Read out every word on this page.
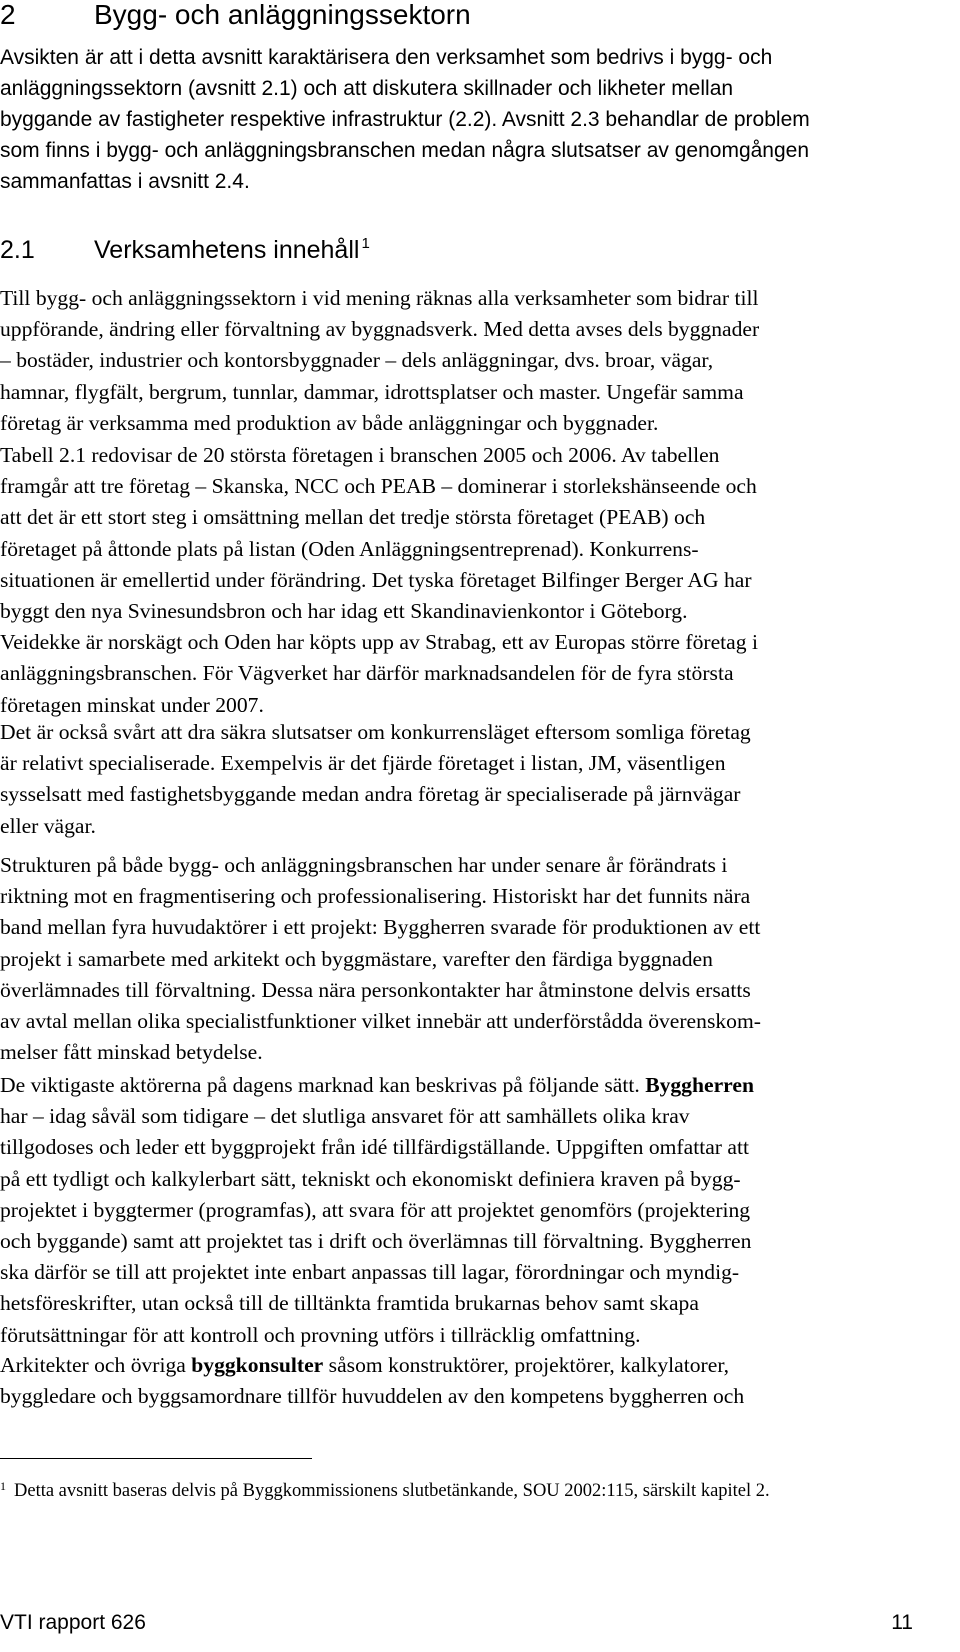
2	Bygg- och anläggningssektorn
Avsikten är att i detta avsnitt karaktärisera den verksamhet som bedrivs i bygg- och
anläggningssektorn (avsnitt 2.1) och att diskutera skillnader och likheter mellan
byggande av fastigheter respektive infrastruktur (2.2). Avsnitt 2.3 behandlar de problem
som finns i bygg- och anläggningsbranschen medan några slutsatser av genomgången
sammanfattas i avsnitt 2.4.
2.1 Verksamhetens innehåll $^1$
Till bygg- och anläggningssektorn i vid mening räknas alla verksamheter som bidrar till
uppförande, ändring eller förvaltning av byggnadsverk. Med detta avses dels byggnader
– bostäder, industrier och kontorsbyggnader – dels anläggningar, dvs. broar, vägar,
hamnar, flygfält, bergrum, tunnlar, dammar, idrottsplatser och master. Ungefär samma
företag är verksamma med produktion av både anläggningar och byggnader.
Tabell 2.1 redovisar de 20 största företagen i branschen 2005 och 2006. Av tabellen
framgår att tre företag – Skanska, NCC och PEAB – dominerar i storlekshänseende och
att det är ett stort steg i omsättning mellan det tredje största företaget (PEAB) och
företaget på åttonde plats på listan (Oden Anläggningsentreprenad). Konkurrens-
situationen är emellertid under förändring. Det tyska företaget Bilfinger Berger AG har
byggt den nya Svinesundsbron och har idag ett Skandinavienkontor i Göteborg.
Veidekke är norskägt och Oden har köpts upp av Strabag, ett av Europas större företag i
anläggningsbranschen. För Vägverket har därför marknadsandelen för de fyra största
företagen minskat under 2007.
Det är också svårt att dra säkra slutsatser om konkurrensläget eftersom somliga företag
är relativt specialiserade. Exempelvis är det fjärde företaget i listan, JM, väsentligen
sysselsatt med fastighetsbyggande medan andra företag är specialiserade på järnvägar
eller vägar.
Strukturen på både bygg- och anläggningsbranschen har under senare år förändrats i
riktning mot en fragmentisering och professionalisering. Historiskt har det funnits nära
band mellan fyra huvudaktörer i ett projekt: Byggherren svarade för produktionen av ett
projekt i samarbete med arkitekt och byggmästare, varefter den färdiga byggnaden
överlämnades till förvaltning. Dessa nära personkontakter har åtminstone delvis ersatts
av avtal mellan olika specialistfunktioner vilket innebär att underförstådda överenskom-
melser fått minskad betydelse.
De viktigaste aktörerna på dagens marknad kan beskrivas på följande sätt. Byggherren
har – idag såväl som tidigare – det slutliga ansvaret för att samhällets olika krav
tillgodoses och leder ett byggprojekt från idé tillfärdigställande. Uppgiften omfattar att
på ett tydligt och kalkylerbart sätt, tekniskt och ekonomiskt definiera kraven på bygg-
projektet i byggtermer (programfas), att svara för att projektet genomförs (projektering
och byggande) samt att projektet tas i drift och överlämnas till förvaltning. Byggherren
ska därför se till att projektet inte enbart anpassas till lagar, förordningar och myndig-
hetsföreskrifter, utan också till de tilltänkta framtida brukarnas behov samt skapa
förutsättningar för att kontroll och provning utförs i tillräcklig omfattning.
Arkitekter och övriga byggkonsulter såsom konstruktörer, projektörer, kalkylatorer,
byggledare och byggsamordnare tillför huvuddelen av den kompetens byggherren och
$^1$ Detta avsnitt baseras delvis på Byggkommissionens slutbetänkande, SOU 2002:115, särskilt kapitel 2.
VTI rapport 626	11
